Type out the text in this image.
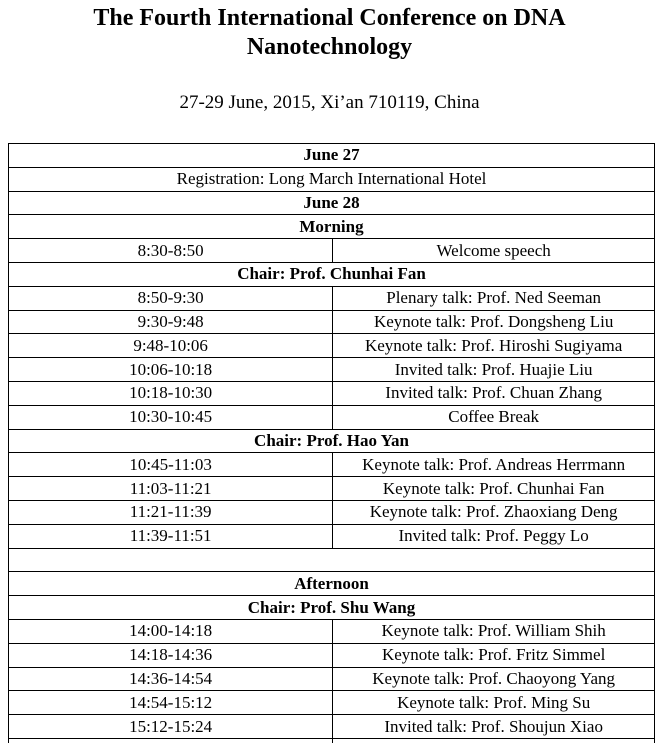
The Fourth International Conference on DNA Nanotechnology
27-29 June, 2015, Xi’an 710119, China
June 27	
Registration: Long March International Hotel	
June 28	
Morning	
8:30-8:50	Welcome speech
Chair: Prof. Chunhai Fan	
8:50-9:30	Plenary talk: Prof. Ned Seeman
9:30-9:48	Keynote talk: Prof. Dongsheng Liu
9:48-10:06	Keynote talk: Prof. Hiroshi Sugiyama
10:06-10:18	Invited talk: Prof. Huajie Liu
10:18-10:30	Invited talk: Prof. Chuan Zhang
10:30-10:45	Coffee Break
Chair: Prof. Hao Yan	
10:45-11:03	Keynote talk: Prof. Andreas Herrmann
11:03-11:21	Keynote talk: Prof. Chunhai Fan
11:21-11:39	Keynote talk: Prof. Zhaoxiang Deng
11:39-11:51	Invited talk: Prof. Peggy Lo

Afternoon	
Chair: Prof. Shu Wang	
14:00-14:18	Keynote talk: Prof. William Shih
14:18-14:36	Keynote talk: Prof. Fritz Simmel
14:36-14:54	Keynote talk: Prof. Chaoyong Yang
14:54-15:12	Keynote talk: Prof. Ming Su
15:12-15:24	Invited talk: Prof. Shoujun Xiao
